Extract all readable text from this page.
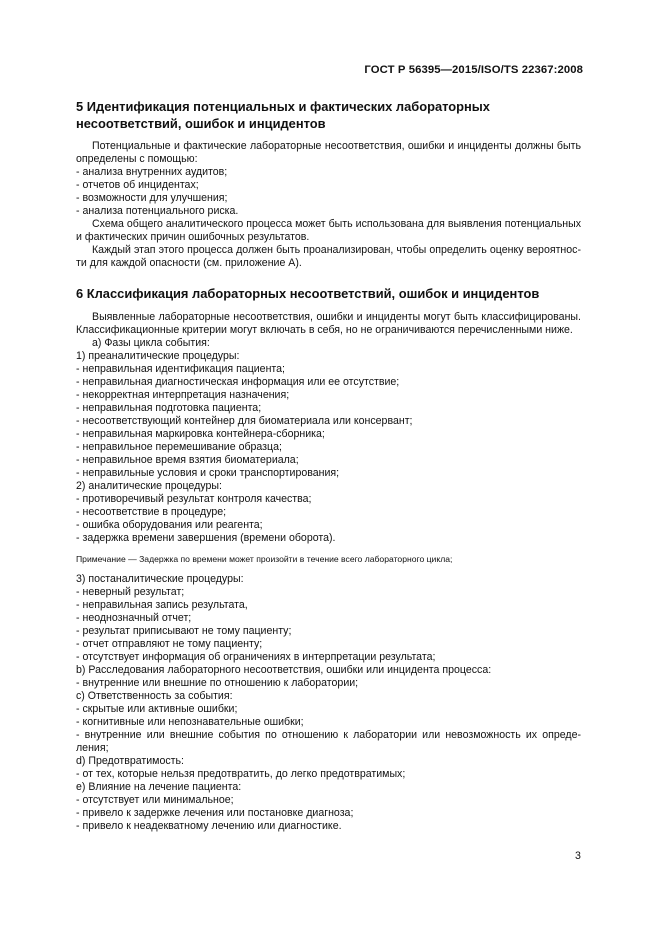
ГОСТ Р 56395—2015/ISO/TS 22367:2008
5 Идентификация потенциальных и фактических лабораторных
несоответствий, ошибок и инцидентов
Потенциальные и фактические лабораторные несоответствия, ошибки и инциденты должны быть
определены с помощью:
- анализа внутренних аудитов;
- отчетов об инцидентах;
- возможности для улучшения;
- анализа потенциального риска.
Схема общего аналитического процесса может быть использована для выявления потенциальных
и фактических причин ошибочных результатов.
Каждый этап этого процесса должен быть проанализирован, чтобы определить оценку вероятнос-
ти для каждой опасности (см. приложение А).
6 Классификация лабораторных несоответствий, ошибок и инцидентов
Выявленные лабораторные несоответствия, ошибки и инциденты могут быть классифицированы.
Классификационные критерии могут включать в себя, но не ограничиваются перечисленными ниже.
а) Фазы цикла события:
1) преаналитические процедуры:
- неправильная идентификация пациента;
- неправильная диагностическая информация или ее отсутствие;
- некорректная интерпретация назначения;
- неправильная подготовка пациента;
- несоответствующий контейнер для биоматериала или консервант;
- неправильная маркировка контейнера-сборника;
- неправильное перемешивание образца;
- неправильное время взятия биоматериала;
- неправильные условия и сроки транспортирования;
2) аналитические процедуры:
- противоречивый результат контроля качества;
- несоответствие в процедуре;
- ошибка оборудования или реагента;
- задержка времени завершения (времени оборота).
Примечание — Задержка по времени может произойти в течение всего лабораторного цикла;
3) постаналитические процедуры:
- неверный результат;
- неправильная запись результата,
- неоднозначный отчет;
- результат приписывают не тому пациенту;
- отчет отправляют не тому пациенту;
- отсутствует информация об ограничениях в интерпретации результата;
b) Расследования лабораторного несоответствия, ошибки или инцидента процесса:
- внутренние или внешние по отношению к лаборатории;
c) Ответственность за события:
- скрытые или активные ошибки;
- когнитивные или непознавательные ошибки;
- внутренние или внешние события по отношению к лаборатории или невозможность их опреде-
ления;
d) Предотвратимость:
- от тех, которые нельзя предотвратить, до легко предотвратимых;
e) Влияние на лечение пациента:
- отсутствует или минимальное;
- привело к задержке лечения или постановке диагноза;
- привело к неадекватному лечению или диагностике.
3
